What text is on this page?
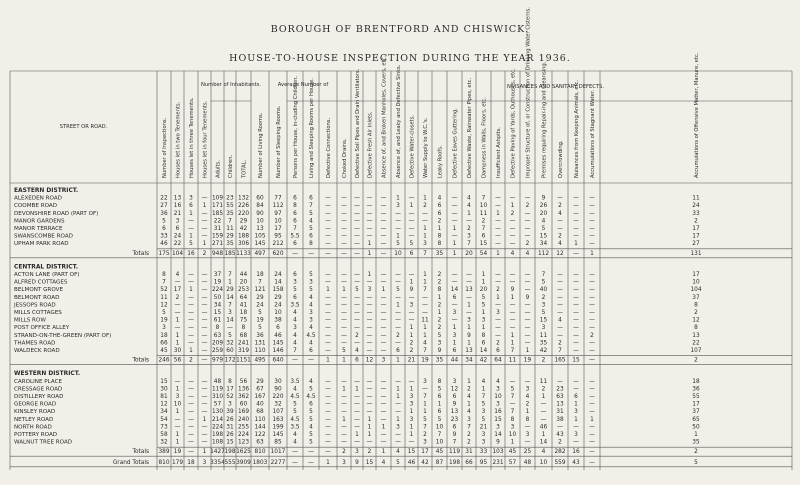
BOROUGH OF BRENTFORD AND CHISWICK.
HOUSE-TO-HOUSE INSPECTION DURING THE YEAR 1936.
STREET OR ROAD.	Number of Inspections. Houses let in two Tenements. Houses let in three Tenements. Houses let in four Tenements.
Number of Inhabitants.
Adults. Children. TOTAL. Number of Living Rooms. Number of Sleeping Rooms.
Average Number of
Persons per House, in-cluding Children. Living and Sleeping Rooms per House.	NUISANCES AND SANITARY DEFECTS.
Defective Connections. Choked Drains. Defective Soil Pipes and Drain Ventilators. Defective Fresh Air Inlets. Absence of, and Broken Manholes, Covers, etc. Absence of, and Leaky and Defective Sinks. Defective Water-closets. Water Supply to W.C.'s. Leaky Roofs. Defective Eaves Guttering. Defective Waste, Rainwater Pipes, etc. Dampness in Walls, Floors, etc. Insufficient Ashpits. Defective Paving of Yards, Outhouses, etc. Improper Structure of, or Construction of Drinking Water Cisterns. Premises requiring Repair-ing and Cleansing. Overcrowding. Nuisances from Keeping Animals, etc. Accumulations of Stagnant Water.	Accumulations of Offensive Matter, Manure, etc.
EASTERN DISTRICT.
ALEXEDEN ROAD	22 13 3 — 109 23 132 60 77 6 6 — — — — — 1 — 1 4 — 4 7 — — — 9 — — —	11
COOMBE ROAD	27 16 6 1 171 55 226 84 112 8 7 — — — — — 3 1 2 6 — 4 10 — 1 2 26 2 — —	24
DEVONSHIRE ROAD (PART OF)	36 21 1 — 185 35 220 90 97 6 5 — — — — — — — — 6 — 1 11 1 2 — 20 4 — —	33
MANOR GARDENS	5 3 — — 22 7 29 10 10 6 4 — — — — — — — — 2 — — 2 — — — 4 — — —	2
MANOR TERRACE	6 6 — — 31 11 42 13 17 7 5 — — — — — — — 1 1 1 2 7 — — — 5 — — —	17
SWANSCOMBE ROAD	33 24 1 — 159 29 188 105 95 5.5 6 — — — — — 1 — 1 8 — 3 6 — — — 15 2 — —	17
UPHAM PARK ROAD	46 22 5 1 271 35 306 145 212 6 8 — — — 1 — 5 5 3 8 1 7 15 — — 2 34 4 1 —	27
Totals 175 104 16 2 948 185 1133 497 620 — — — — — 1 — 10 6 7 35 1 20 54 1 4 4 112 12 — 1	131
CENTRAL DISTRICT.
ACTON LANE (PART OF)	8 4 — — 37 7 44 18 24 6 5 — — — 1 — — — 1 2 — — 1 — — — 7 — — —	17
ALFRED COTTAGES	7 — — — 19 1 20 7 14 3 3 — — — — — — 1 1 2 — — 1 — — — 5 — — —	10
BELMONT GROVE	52 17 1 — 224 29 253 121 158 5 5 1 1 5 3 1 5 9 7 8 14 13 20 2 9 — 40 — — —	104
BELMONT ROAD	11 2 — — 50 14 64 29 29 6 4 — — — — — — — — 1 6 — 5 1 1 9 2 — — —	37
JESSOPS ROAD	12 — — — 34 7 41 24 24 3.5 4 — — — — — 1 3 — 2 — 1 5 — — — 3 — — —	8
MILLS COTTAGES	5 — — — 15 3 18 5 10 4 3 — — — — — — — — 1 3 — 1 3 — — 5 — — —	2
MILLS ROW	19 1 — — 61 14 75 19 38 4 3 — — — — — — — 11 2 — 3 3 — — — 15 4 — —	12
POST OFFICE ALLEY	3 — — — 8 — 8 5 6 3 4 — — — — — — 1 1 2 1 1 1 — — — 3 — — —	8
STRAND-ON-THE-GREEN (PART OF)	18 1 — — 63 5 68 36 46 4 4.5 — — 2 — — 2 1 1 5 3 9 8 — 1 — 11 — — 2	13
THAMES ROAD	66 1 — — 209 32 241 131 145 4 4 — — — — — — 2 4 3 1 1 6 2 1 — 35 2 — —	22
WALDECK ROAD	45 30 1 — 259 60 319 110 146 7 6 — 5 4 — — 6 2 7 9 6 13 14 6 7 1 42 7 — —	107
Totals 246 56 2 — 979 172 1151 495 640 — — 1 1 6 12 3 1 21 19 35 44 34 42 64 11 19 2 165 15 —	2
WESTERN DISTRICT.
CAROLINE PLACE	15 — — — 48 8 56 29 30 3.5 4 — — — — — — — 3 8 3 1 4 4 — — 11 — — —	18
CRESSAGE ROAD	30 1 — — 119 17 136 67 90 4 5 — 1 1 — — 1 1 — 5 12 2 1 3 5 3 2 23 — —	36
DISTILLERY ROAD	81 3 — — 310 52 362 167 220 4.5 4.5 — — — — — 1 3 7 6 6 4 7 10 7 4 1 63 6 —	55
GEORGE ROAD	12 10 — — 57 3 60 40 32 5 6 — — — — — — 3 1 1 9 1 5 3 — 2 — 13 1 —	17
KINSLEY ROAD	34 1 — — 130 39 169 68 107 5 5 — — — — — — 1 1 6 13 4 3 16 7 1 — 31 3 —	37
NETLEY ROAD	54 — — 1 214 26 240 110 163 4.5 5 — 1 — 1 — 1 3 5 5 23 3 5 15 8 8 — 38 1 1	65
NORTH ROAD	73 — — — 224 31 255 144 199 3.5 4 — — — 1 1 3 1 7 10 6 7 21 3 3 — 46 — — —	50
POTTERY ROAD	58 1 — — 198 26 224 122 145 4 5 — — 1 1 — — 1 2 7 9 2 3 14 10 3 1 43 3 —	1
WALNUT TREE ROAD	32 1 — — 108 15 123 63 85 4 5 — — — — — — — 3 10 7 2 3 9 1 — 14 2 — —	35
Totals 389 19 — 1 1427 198 1625 810 1017 — — — 2 3 2 1 4 15 17 45 119 31 33 103 45 25 4 282 16 —	2
Grand Totals 810 179 18 3 3354 555 3909 1803 2277 — — 1 3 9 15 4 5 46 42 87 198 66 95 231 57 48 10 559 43 —	5
